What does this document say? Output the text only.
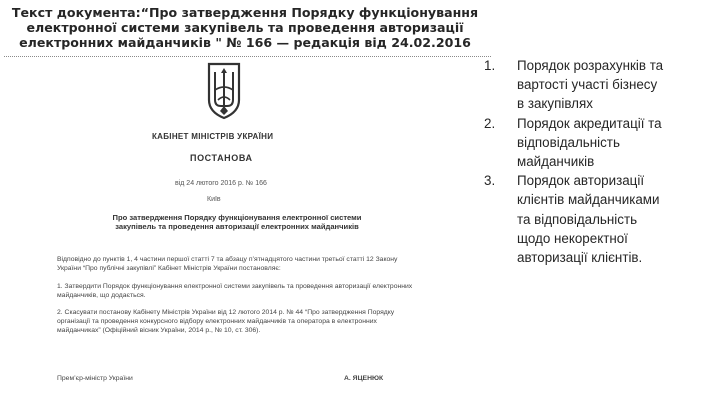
Текст документа:“Про затвердження Порядку функціонування
електронної системи закупівель та проведення авторизації
електронних майданчиків " № 166 — редакція від 24.02.2016
КАБІНЕТ МІНІСТРІВ УКРАЇНИ
ПОСТАНОВА
від 24 лютого 2016 р. № 166
Київ
Про затвердження Порядку функціонування електронної системи закупівель та проведення авторизації електронних майданчиків
Відповідно до пунктів 1, 4 частини першої статті 7 та абзацу п’ятнадцятого частини третьої статті 12 Закону України “Про публічні закупівлі” Кабінет Міністрів України постановляє:
1. Затвердити Порядок функціонування електронної системи закупівель та проведення авторизації електронних майданчиків, що додається.
2. Скасувати постанову Кабінету Міністрів України від 12 лютого 2014 р. № 44 “Про затвердження Порядку організації та проведення конкурсного відбору електронних майданчиків та оператора в електронних майданчиках” (Офіційний вісник України, 2014 р., № 10, ст. 306).
Прем’єр-міністр України	А. ЯЦЕНЮК
1. Порядок розрахунків та
вартості участі бізнесу
в закупівлях
2. Порядок акредитації та
відповідальність
майданчиків
3. Порядок авторизації
клієнтів майданчиками
та відповідальність
щодо некоректної
авторизації клієнтів.
